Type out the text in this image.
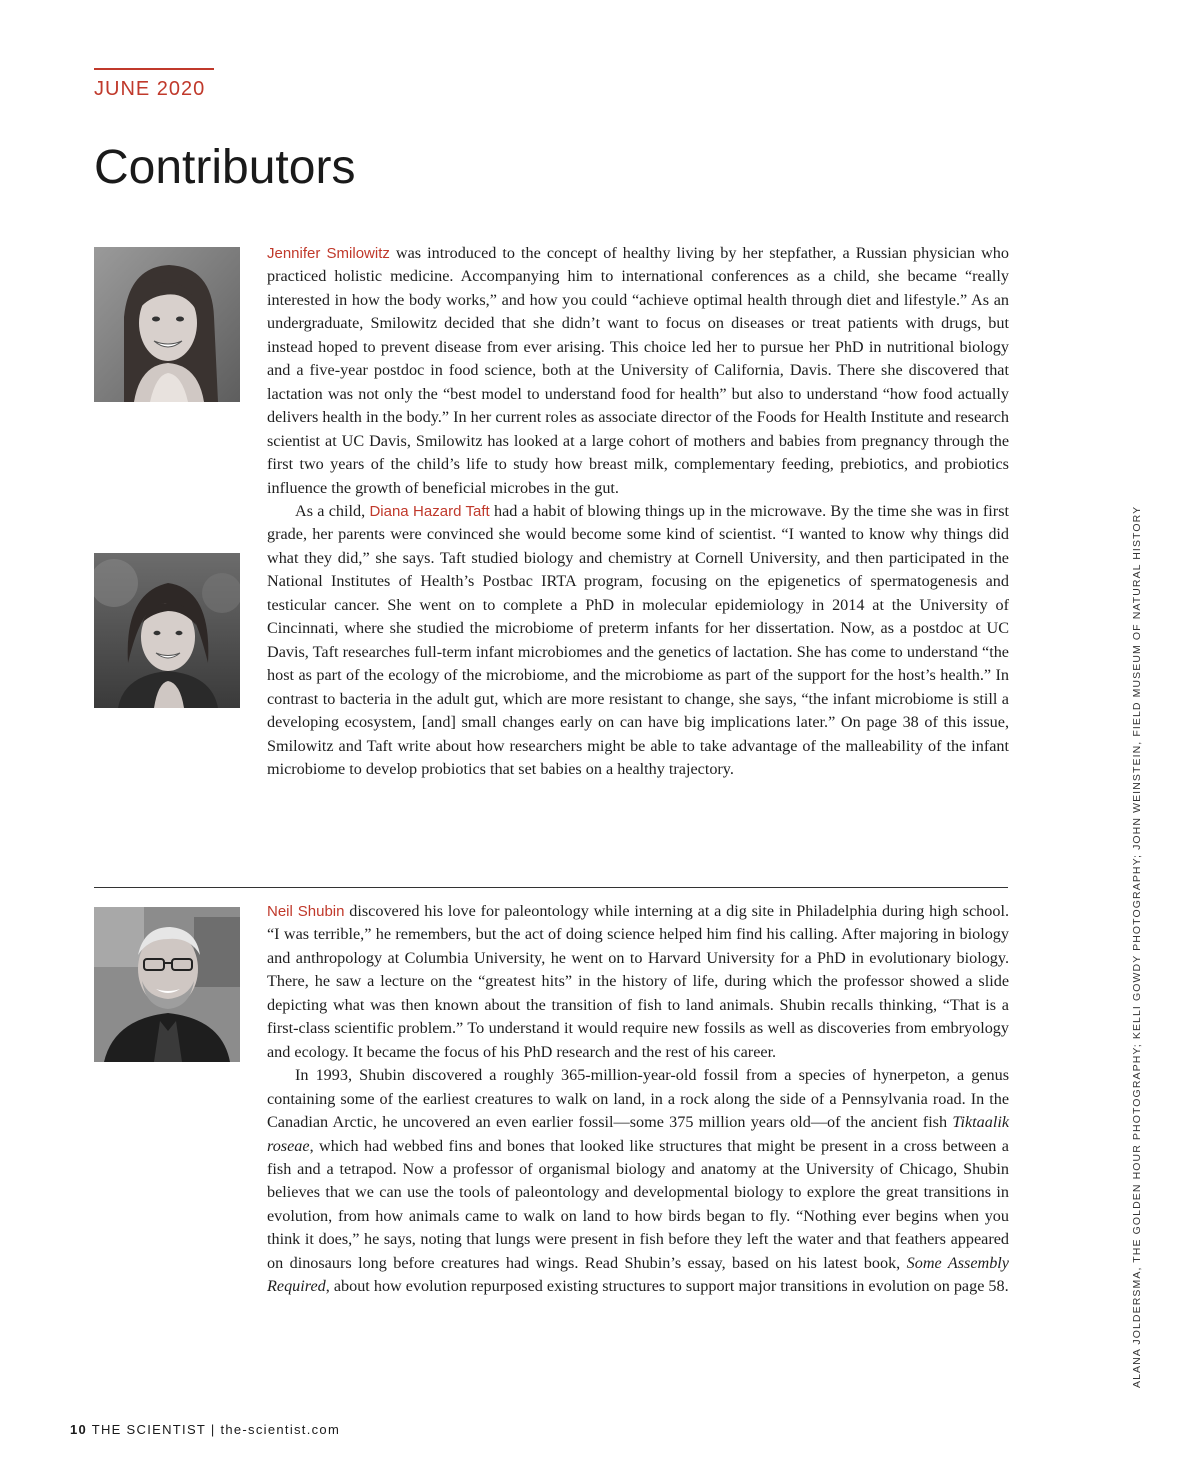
JUNE 2020
Contributors

Jennifer Smilowitz was introduced to the concept of healthy living by her stepfather, a Russian physician who practiced holistic medicine. Accompanying him to international conferences as a child, she became “really interested in how the body works,” and how you could “achieve optimal health through diet and lifestyle.” As an undergraduate, Smilowitz decided that she didn’t want to focus on diseases or treat patients with drugs, but instead hoped to prevent disease from ever arising. This choice led her to pursue her PhD in nutritional biology and a five-year postdoc in food science, both at the University of California, Davis. There she discovered that lactation was not only the “best model to understand food for health” but also to understand “how food actually delivers health in the body.” In her current roles as associate director of the Foods for Health Institute and research scientist at UC Davis, Smilowitz has looked at a large cohort of mothers and babies from pregnancy through the first two years of the child’s life to study how breast milk, complementary feeding, prebiotics, and probiotics influence the growth of beneficial microbes in the gut.

As a child, Diana Hazard Taft had a habit of blowing things up in the microwave. By the time she was in first grade, her parents were convinced she would become some kind of scientist. “I wanted to know why things did what they did,” she says. Taft studied biology and chemistry at Cornell University, and then participated in the National Institutes of Health’s Postbac IRTA program, focusing on the epigenetics of spermatogenesis and testicular cancer. She went on to complete a PhD in molecular epidemiology in 2014 at the University of Cincinnati, where she studied the microbiome of preterm infants for her dissertation. Now, as a postdoc at UC Davis, Taft researches full-term infant microbiomes and the genetics of lactation. She has come to understand “the host as part of the ecology of the microbiome, and the microbiome as part of the support for the host’s health.” In contrast to bacteria in the adult gut, which are more resistant to change, she says, “the infant microbiome is still a developing ecosystem, [and] small changes early on can have big implications later.” On page 38 of this issue, Smilowitz and Taft write about how researchers might be able to take advantage of the malleability of the infant microbiome to develop probiotics that set babies on a healthy trajectory.

Neil Shubin discovered his love for paleontology while interning at a dig site in Philadelphia during high school. “I was terrible,” he remembers, but the act of doing science helped him find his calling. After majoring in biology and anthropology at Columbia University, he went on to Harvard University for a PhD in evolutionary biology. There, he saw a lecture on the “greatest hits” in the history of life, during which the professor showed a slide depicting what was then known about the transition of fish to land animals. Shubin recalls thinking, “That is a first-class scientific problem.” To understand it would require new fossils as well as discoveries from embryology and ecology. It became the focus of his PhD research and the rest of his career.

In 1993, Shubin discovered a roughly 365-million-year-old fossil from a species of hynerpeton, a genus containing some of the earliest creatures to walk on land, in a rock along the side of a Pennsylvania road. In the Canadian Arctic, he uncovered an even earlier fossil—some 375 million years old—of the ancient fish Tiktaalik roseae, which had webbed fins and bones that looked like structures that might be present in a cross between a fish and a tetrapod. Now a professor of organismal biology and anatomy at the University of Chicago, Shubin believes that we can use the tools of paleontology and developmental biology to explore the great transitions in evolution, from how animals came to walk on land to how birds began to fly. “Nothing ever begins when you think it does,” he says, noting that lungs were present in fish before they left the water and that feathers appeared on dinosaurs long before creatures had wings. Read Shubin’s essay, based on his latest book, Some Assembly Required, about how evolution repurposed existing structures to support major transitions in evolution on page 58.	ALANA JOLDERSMA, THE GOLDEN HOUR PHOTOGRAPHY; KELLI GOWDY PHOTOGRAPHY; JOHN WEINSTEIN, FIELD MUSEUM OF NATURAL HISTORY
10 THE SCIENTIST | the-scientist.com
